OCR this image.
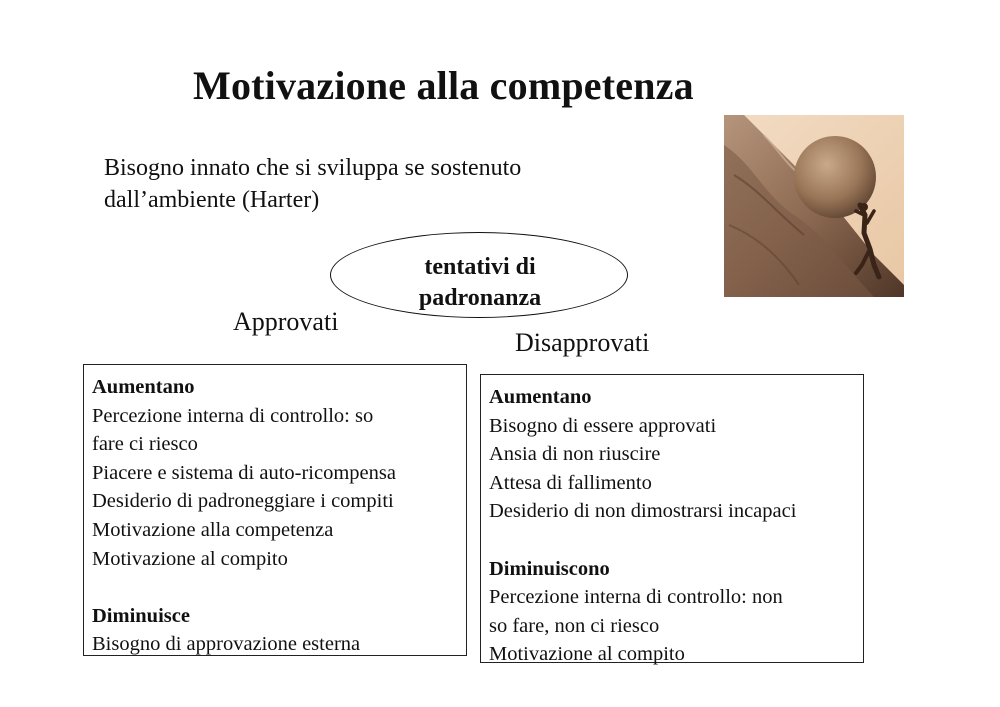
Motivazione alla competenza
Bisogno innato che si sviluppa se sostenuto
dall’ambiente (Harter)
tentativi di
padronanza
Approvati
Disapprovati
Aumentano
Percezione interna di controllo: so
fare ci riesco
Piacere e sistema di auto-ricompensa
Desiderio di padroneggiare i compiti
Motivazione alla competenza
Motivazione al compito
Diminuisce
Bisogno di approvazione esterna
Aumentano
Bisogno di essere approvati
Ansia di non riuscire
Attesa di fallimento
Desiderio di non dimostrarsi incapaci
Diminuiscono
Percezione interna di controllo: non
so fare, non ci riesco
Motivazione al compito
